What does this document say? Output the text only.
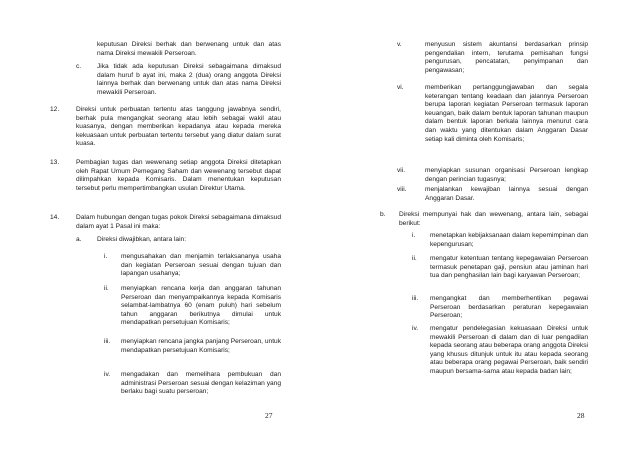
keputusan Direksi berhak dan berwenang untuk dan atas nama Direksi mewakili Perseroan.

c. Jika tidak ada keputusan Direksi sebagaimana dimaksud dalam huruf b ayat ini, maka 2 (dua) orang anggota Direksi lainnya berhak dan berwenang untuk dan atas nama Direksi mewakili Perseroan.

12.	Direksi untuk perbuatan tertentu atas tanggung jawabnya sendiri, berhak pula mengangkat seorang atau lebih sebagai wakil atau kuasanya, dengan memberikan kepadanya atau kepada mereka kekuasaan untuk perbuatan tertentu tersebut yang diatur dalam surat kuasa.

13.	Pembagian tugas dan wewenang setiap anggota Direksi ditetapkan oleh Rapat Umum Pemegang Saham dan wewenang tersebut dapat dilimpahkan kepada Komisaris. Dalam menentukan keputusan tersebut perlu mempertimbangkan usulan Direktur Utama.

14.	Dalam hubungan dengan tugas pokok Direksi sebagaimana dimaksud dalam ayat 1 Pasal ini maka:

a. Direksi diwajibkan, antara lain:

i. mengusahakan dan menjamin terlaksananya usaha dan kegiatan Perseroan sesuai dengan tujuan dan lapangan usahanya;

ii. menyiapkan rencana kerja dan anggaran tahunan Perseroan dan menyampaikannya kepada Komisaris selambat-lambatnya 60 (enam puluh) hari sebelum tahun anggaran berikutnya dimulai untuk mendapatkan persetujuan Komisaris;

iii. menyiapkan rencana jangka panjang Perseroan, untuk mendapatkan persetujuan Komisaris;

iv. mengadakan dan memelihara pembukuan dan administrasi Perseroan sesuai dengan kelaziman yang berlaku bagi suatu perseroan;

27
v.	menyusun sistem akuntansi berdasarkan prinsip pengendalian intern, terutama pemisahan fungsi pengurusan, pencatatan, penyimpanan dan pengawasan;

vi.	memberikan pertanggungjawaban dan segala keterangan tentang keadaan dan jalannya Perseroan berupa laporan kegiatan Perseroan termasuk laporan keuangan, baik dalam bentuk laporan tahunan maupun dalam bentuk laporan berkala lainnya menurut cara dan waktu yang ditentukan dalam Anggaran Dasar setiap kali diminta oleh Komisaris;

vii.	menyiapkan susunan organisasi Perseroan lengkap dengan perincian tugasnya;

viii.	menjalankan kewajiban lainnya sesuai dengan Anggaran Dasar.

b. Direksi mempunyai hak dan wewenang, antara lain, sebagai berikut:

i. menetapkan kebijaksanaan dalam kepemimpinan dan kepengurusan;

ii. mengatur ketentuan tentang kepegawaian Perseroan termasuk penetapan gaji, pensiun atau jaminan hari tua dan penghasilan lain bagi karyawan Perseroan;

iii. mengangkat dan memberhentikan pegawai Perseroan berdasarkan peraturan kepegawaian Perseroan;

iv. mengatur pendelegasian kekuasaan Direksi untuk mewakili Perseroan di dalam dan di luar pengadilan kepada seorang atau beberapa orang anggota Direksi yang khusus ditunjuk untuk itu atau kepada seorang atau beberapa orang pegawai Perseroan, baik sendiri maupun bersama-sama atau kepada badan lain;

28
